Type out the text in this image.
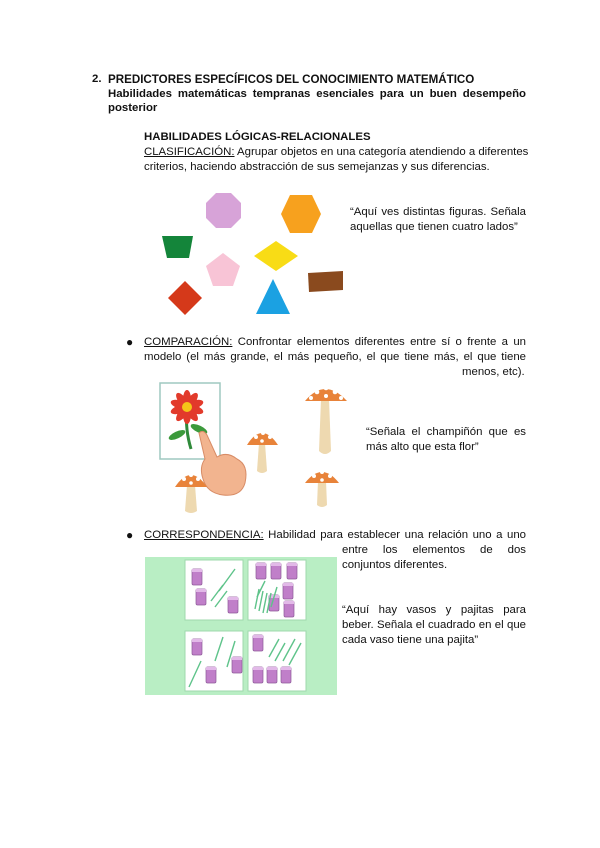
2. PREDICTORES ESPECÍFICOS DEL CONOCIMIENTO MATEMÁTICO
Habilidades matemáticas tempranas esenciales para un buen desempeño
posterior
HABILIDADES LÓGICAS-RELACIONALES
CLASIFICACIÓN: Agrupar objetos en una categoría atendiendo a diferentes
criterios, haciendo abstracción de sus semejanzas y sus diferencias.
“Aquí ves distintas figuras. Señala
aquellas que tienen cuatro lados”
● COMPARACIÓN: Confrontar elementos diferentes entre sí o frente a un
modelo (el más grande, el más pequeño, el que tiene más, el que tiene
menos, etc).
“Señala el champiñón que es
más alto que esta flor”
● CORRESPONDENCIA: Habilidad para establecer una relación uno a uno
entre los elementos de dos
conjuntos diferentes.
“Aquí hay vasos y pajitas para
beber. Señala el cuadrado en el que
cada vaso tiene una pajita”
